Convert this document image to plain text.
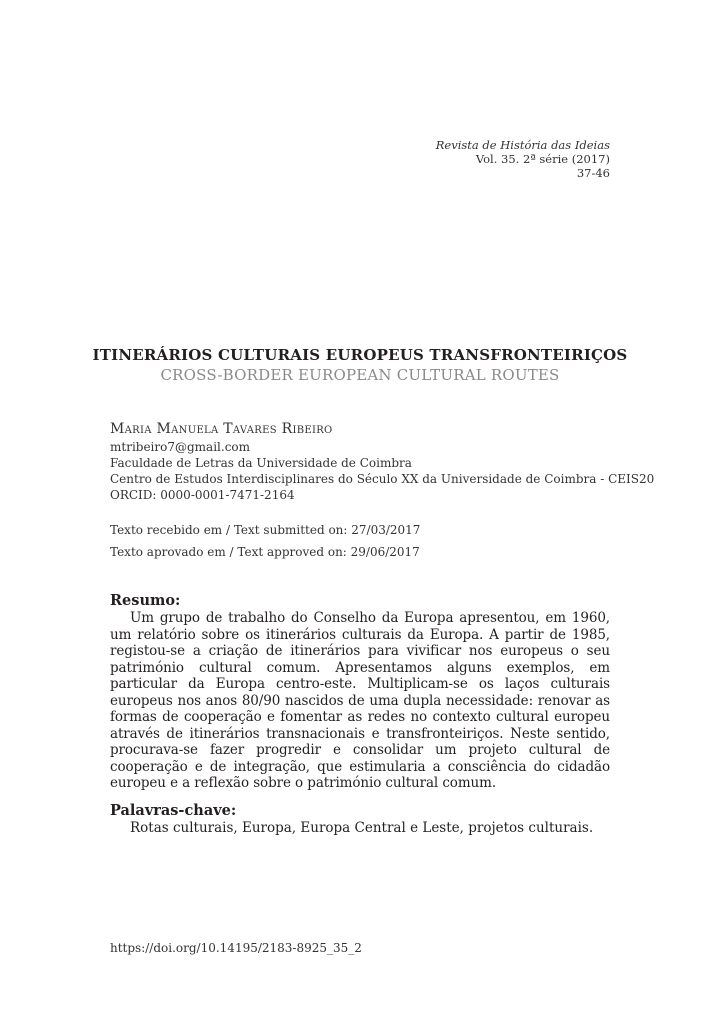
Revista de História das Ideias
Vol. 35. 2ª série (2017)
37-46
ITINERÁRIOS CULTURAIS EUROPEUS TRANSFRONTEIRIÇOS
CROSS-BORDER EUROPEAN CULTURAL ROUTES
Maria Manuela Tavares Ribeiro
mtribeiro7@gmail.com
Faculdade de Letras da Universidade de Coimbra
Centro de Estudos Interdisciplinares do Século XX da Universidade de Coimbra - CEIS20
ORCID: 0000-0001-7471-2164
Texto recebido em / Text submitted on: 27/03/2017
Texto aprovado em / Text approved on: 29/06/2017
Resumo:

Um grupo de trabalho do Conselho da Europa apresentou, em 1960, um relatório sobre os itinerários culturais da Europa. A partir de 1985, registou-se a criação de itinerários para vivificar nos europeus o seu património cultural comum. Apresentamos alguns exemplos, em particular da Europa centro-este. Multiplicam-se os laços culturais europeus nos anos 80/90 nascidos de uma dupla necessidade: renovar as formas de cooperação e fomentar as redes no contexto cultural europeu através de itinerários transnacionais e transfronteiriços. Neste sentido, procurava-se fazer progredir e consolidar um projeto cultural de cooperação e de integração, que estimularia a consciência do cidadão europeu e a reflexão sobre o património cultural comum.

Palavras-chave:

Rotas culturais, Europa, Europa Central e Leste, projetos culturais.

https://doi.org/10.14195/2183-8925_35_2
